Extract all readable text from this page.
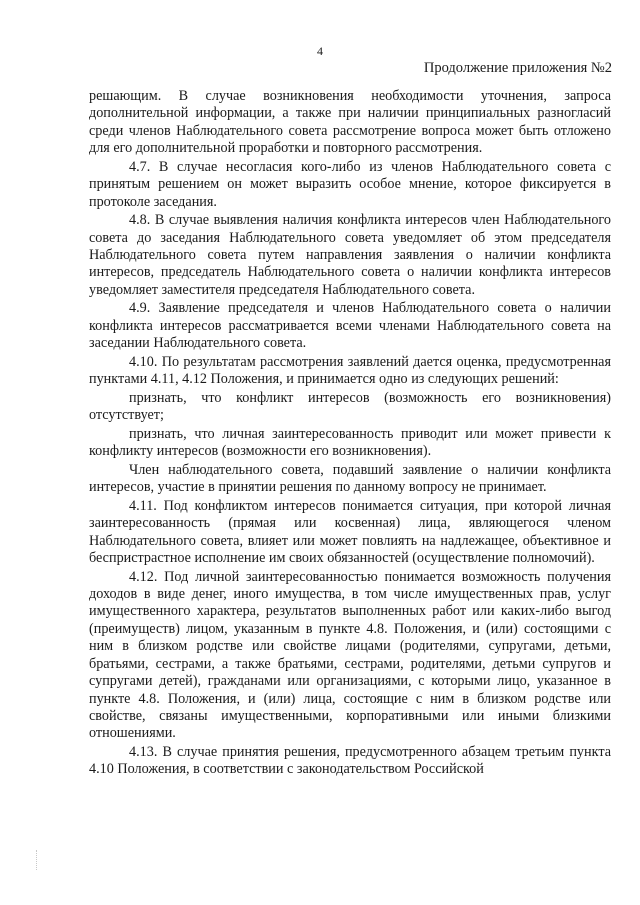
4
Продолжение приложения №2

решающим. В случае возникновения необходимости уточнения, запроса дополнительной информации, а также при наличии принципиальных разногласий среди членов Наблюдательного совета рассмотрение вопроса может быть отложено для его дополнительной проработки и повторного рассмотрения.

4.7. В случае несогласия кого-либо из членов Наблюдательного совета с принятым решением он может выразить особое мнение, которое фиксируется в протоколе заседания.

4.8. В случае выявления наличия конфликта интересов член Наблюдательного совета до заседания Наблюдательного совета уведомляет об этом председателя Наблюдательного совета путем направления заявления о наличии конфликта интересов, председатель Наблюдательного совета о наличии конфликта интересов уведомляет заместителя председателя Наблюдательного совета.

4.9. Заявление председателя и членов Наблюдательного совета о наличии конфликта интересов рассматривается всеми членами Наблюдательного совета на заседании Наблюдательного совета.

4.10. По результатам рассмотрения заявлений дается оценка, предусмотренная пунктами 4.11, 4.12 Положения, и принимается одно из следующих решений:

признать, что конфликт интересов (возможность его возникновения) отсутствует;

признать, что личная заинтересованность приводит или может привести к конфликту интересов (возможности его возникновения).

Член наблюдательного совета, подавший заявление о наличии конфликта интересов, участие в принятии решения по данному вопросу не принимает.

4.11. Под конфликтом интересов понимается ситуация, при которой личная заинтересованность (прямая или косвенная) лица, являющегося членом Наблюдательного совета, влияет или может повлиять на надлежащее, объективное и беспристрастное исполнение им своих обязанностей (осуществление полномочий).

4.12. Под личной заинтересованностью понимается возможность получения доходов в виде денег, иного имущества, в том числе имущественных прав, услуг имущественного характера, результатов выполненных работ или каких-либо выгод (преимуществ) лицом, указанным в пункте 4.8. Положения, и (или) состоящими с ним в близком родстве или свойстве лицами (родителями, супругами, детьми, братьями, сестрами, а также братьями, сестрами, родителями, детьми супругов и супругами детей), гражданами или организациями, с которыми лицо, указанное в пункте 4.8. Положения, и (или) лица, состоящие с ним в близком родстве или свойстве, связаны имущественными, корпоративными или иными близкими отношениями.

4.13. В случае принятия решения, предусмотренного абзацем третьим пункта 4.10 Положения, в соответствии с законодательством Российской
